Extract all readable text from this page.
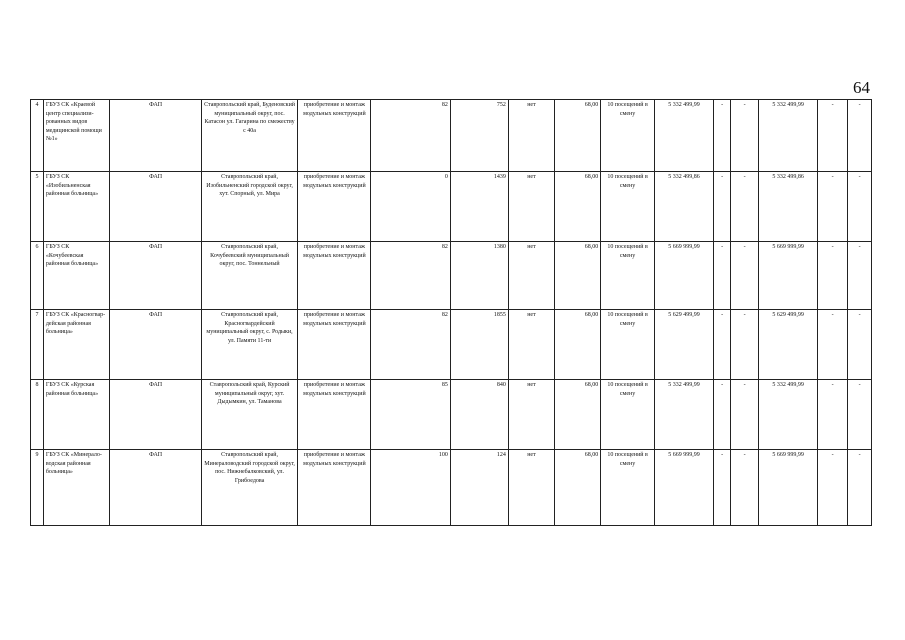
64
4	ГБУЗ СК «Краевой центр специализи-рованных видов медицинской помощи №1»	ФАП	Ставропольский край, Буденовский муниципальный округ, пос. Катасон ул. Гагарина по смежеству с 40а	приобретение и монтаж модульных конструкций	82	752	нет	68,00	10 посещений в смену	5 332 499,99	-	-	5 332 499,99	-	-
5	ГБУЗ СК «Изобильненская районная больница»	ФАП	Ставропольский край, Изобильненский городской округ, хут. Спорный, ул. Мира	приобретение и монтаж модульных конструкций	0	1439	нет	68,00	10 посещений в смену	5 332 499,86	-	-	5 332 499,86	-	-
6	ГБУЗ СК «Кочубеевская районная больница»	ФАП	Ставропольский край, Кочубеевский муниципальный округ, пос. Тоннельный	приобретение и монтаж модульных конструкций	82	1380	нет	68,00	10 посещений в смену	5 669 999,99	-	-	5 669 999,99	-	-
7	ГБУЗ СК «Красногвар-дейская районная больница»	ФАП	Ставропольский край, Красногвардейский муниципальный округ, с. Родыки, ул. Памяти 11-ти	приобретение и монтаж модульных конструкций	82	1855	нет	68,00	10 посещений в смену	5 629 499,99	-	-	5 629 499,99	-	-
8	ГБУЗ СК «Курская районная больница»	ФАП	Ставропольский край, Курский муниципальный округ, хут. Дыдымкин, ул. Таманова	приобретение и монтаж модульных конструкций	85	840	нет	68,00	10 посещений в смену	5 332 499,99	-	-	5 332 499,99	-	-
9	ГБУЗ СК «Минерало-водская районная больница»	ФАП	Ставропольский край, Минераловодский городской округ, пос. Нижнебалковский, ул. Грибоедова	приобретение и монтаж модульных конструкций	100	124	нет	68,00	10 посещений в смену	5 669 999,99	-	-	5 669 999,99	-	-
